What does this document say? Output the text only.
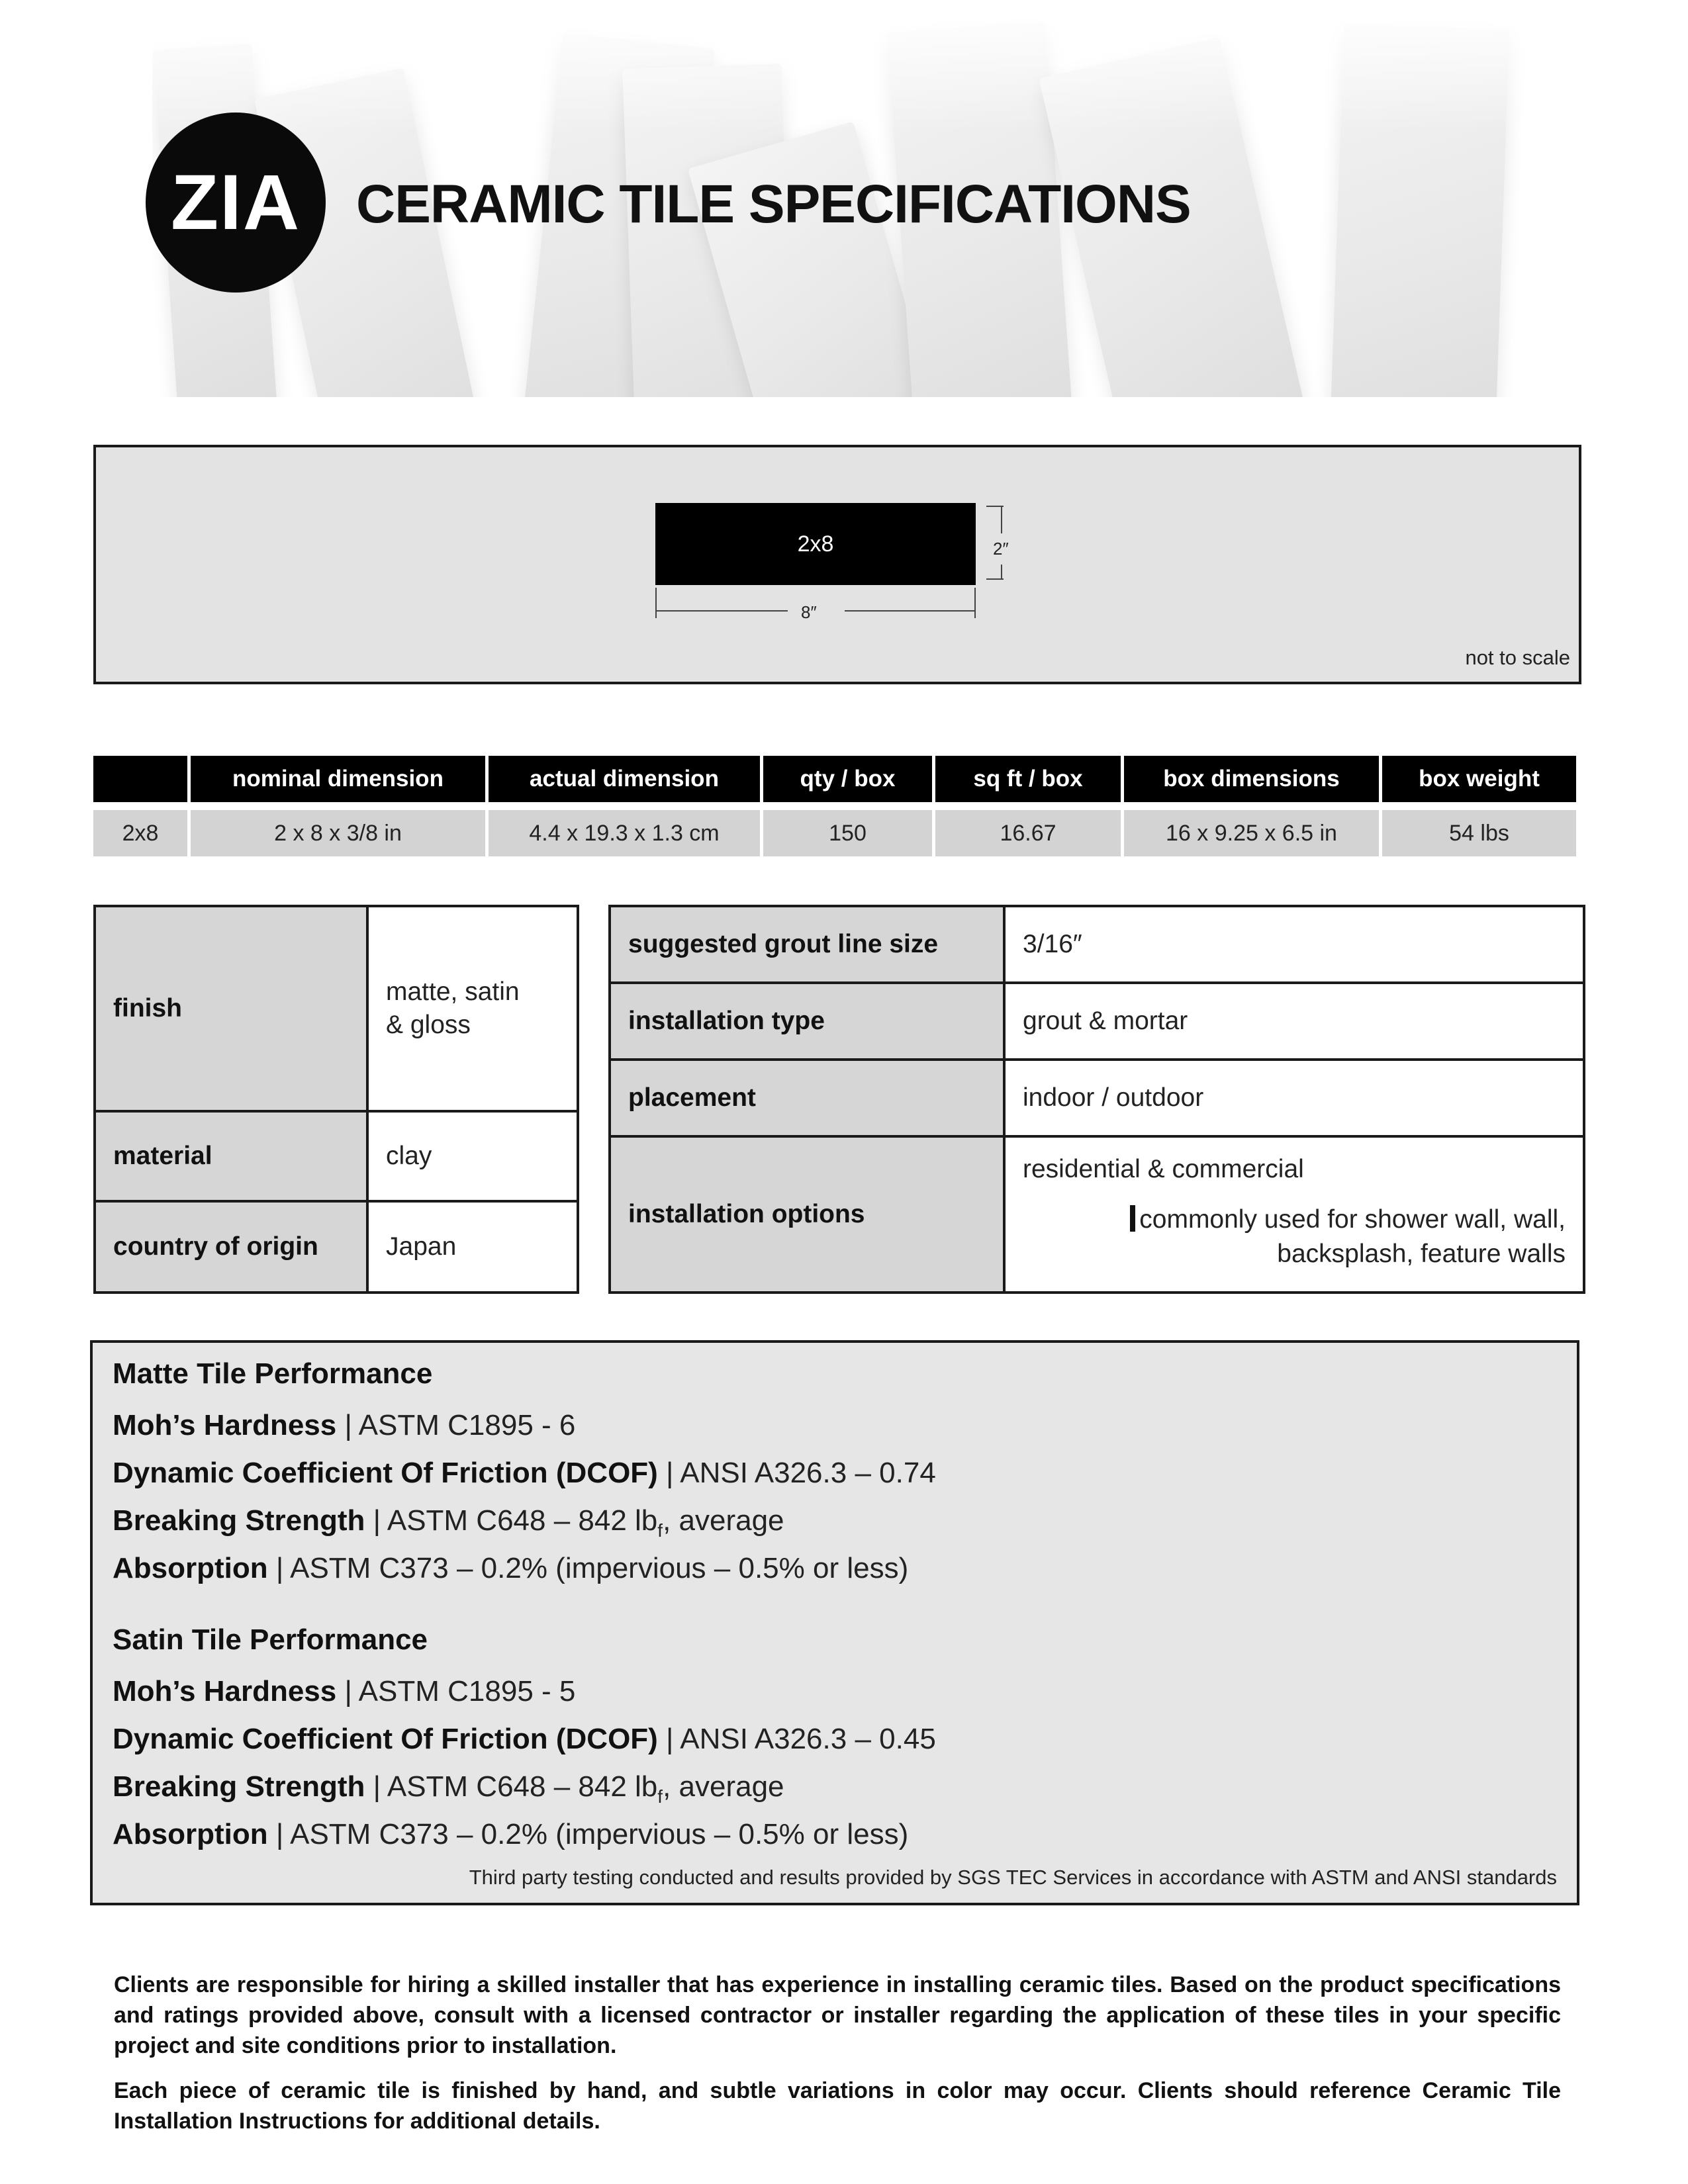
ZIA CERAMIC TILE SPECIFICATIONS
2x8	2″
8″
not to scale
	nominal dimension	actual dimension	qty / box	sq ft / box	box dimensions	box weight

2x8	2 x 8 x 3/8 in	4.4 x 19.3 x 1.3 cm	150	16.67	16 x 9.25 x 6.5 in	54 lbs
finish	matte, satin & gloss
material	clay
country of origin	Japan
suggested grout line size	3/16″
installation type	grout & mortar
placement	indoor / outdoor
installation options	residential & commercial
commonly used for shower wall, wall,
backsplash, feature walls
Matte Tile Performance
Moh’s Hardness | ASTM C1895 - 6
Dynamic Coefficient Of Friction (DCOF) | ANSI A326.3 – 0.74
Breaking Strength | ASTM C648 – 842 $lb_f$, average
Absorption | ASTM C373 – 0.2% (impervious – 0.5% or less)
Satin Tile Performance
Moh’s Hardness | ASTM C1895 - 5
Dynamic Coefficient Of Friction (DCOF) | ANSI A326.3 – 0.45
Breaking Strength | ASTM C648 – 842 $lb_f$, average
Absorption | ASTM C373 – 0.2% (impervious – 0.5% or less)
Third party testing conducted and results provided by SGS TEC Services in accordance with ASTM and ANSI standards
Clients are responsible for hiring a skilled installer that has experience in installing ceramic tiles. Based on the product specifications and ratings provided above, consult with a licensed contractor or installer regarding the application of these tiles in your specific project and site conditions prior to installation.
Each piece of ceramic tile is finished by hand, and subtle variations in color may occur. Clients should reference Ceramic Tile Installation Instructions for additional details.
